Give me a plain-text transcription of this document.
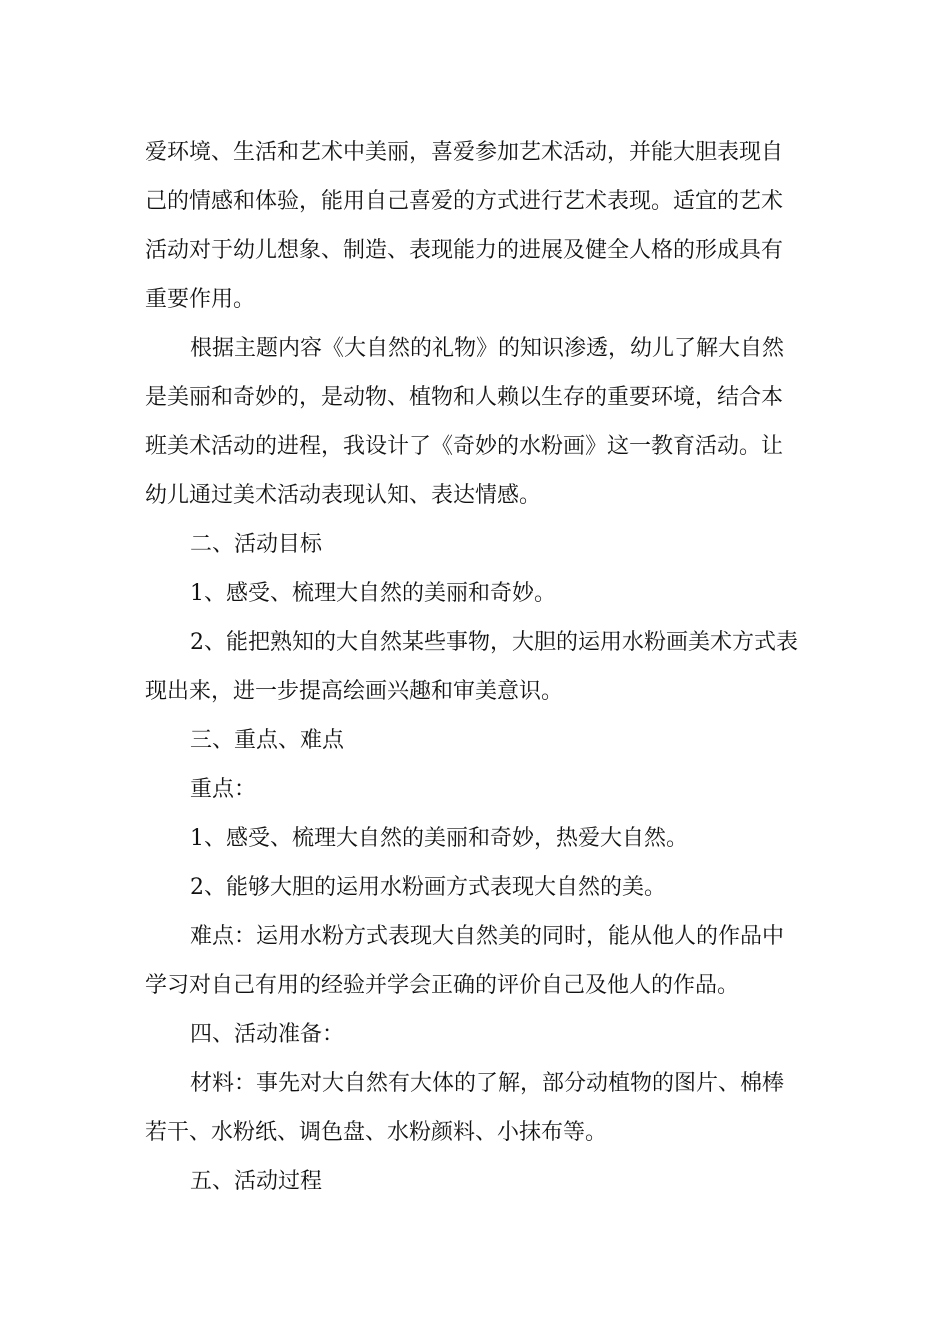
爱环境、生活和艺术中美丽，喜爱参加艺术活动，并能大胆表现自
己的情感和体验，能用自己喜爱的方式进行艺术表现。适宜的艺术
活动对于幼儿想象、制造、表现能力的进展及健全人格的形成具有
重要作用。
根据主题内容《大自然的礼物》的知识渗透，幼儿了解大自然
是美丽和奇妙的，是动物、植物和人赖以生存的重要环境，结合本
班美术活动的进程，我设计了《奇妙的水粉画》这一教育活动。让
幼儿通过美术活动表现认知、表达情感。
二、活动目标
1、感受、梳理大自然的美丽和奇妙。
2、能把熟知的大自然某些事物，大胆的运用水粉画美术方式表
现出来，进一步提高绘画兴趣和审美意识。
三、重点、难点
重点：
1、感受、梳理大自然的美丽和奇妙，热爱大自然。
2、能够大胆的运用水粉画方式表现大自然的美。
难点：运用水粉方式表现大自然美的同时，能从他人的作品中
学习对自己有用的经验并学会正确的评价自己及他人的作品。
四、活动准备：
材料：事先对大自然有大体的了解，部分动植物的图片、棉棒
若干、水粉纸、调色盘、水粉颜料、小抹布等。
五、活动过程
